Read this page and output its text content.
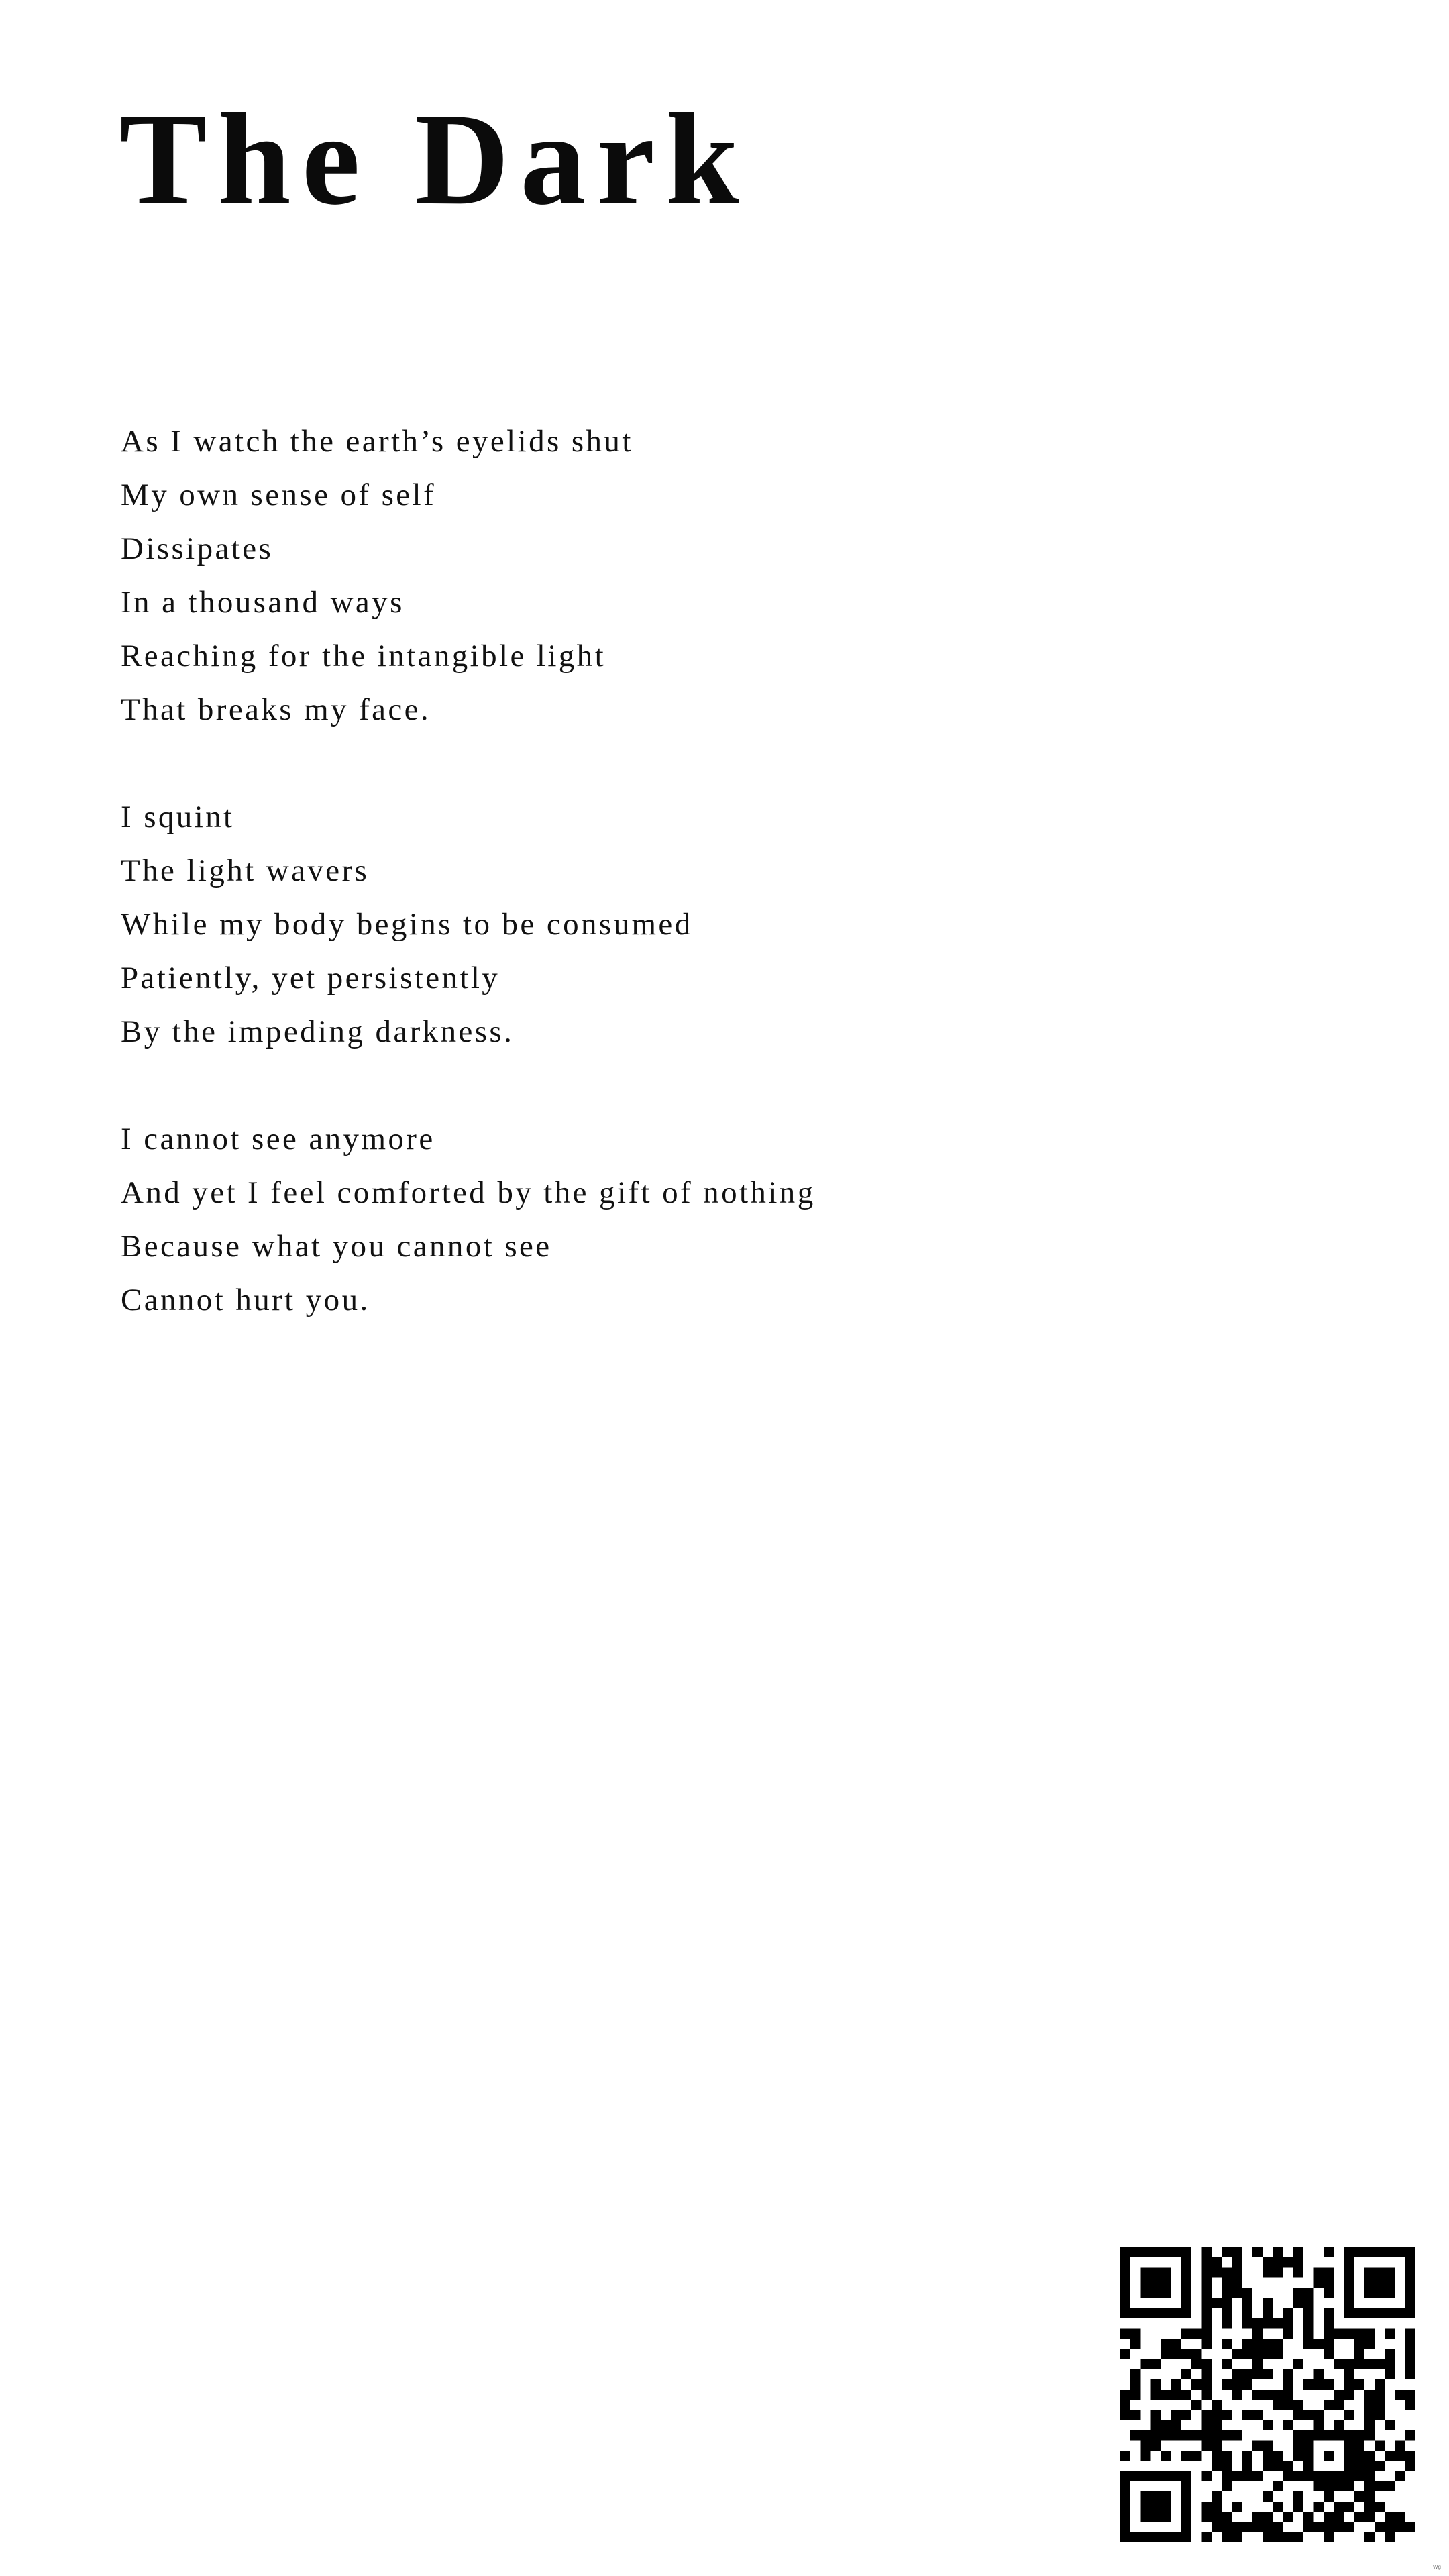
The Dark
As I watch the earth’s eyelids shut
My own sense of self
Dissipates
In a thousand ways
Reaching for the intangible light
That breaks my face.
I squint
The light wavers
While my body begins to be consumed
Patiently, yet persistently
By the impeding darkness.
I cannot see anymore
And yet I feel comforted by the gift of nothing
Because what you cannot see
Cannot hurt you.
Wg
